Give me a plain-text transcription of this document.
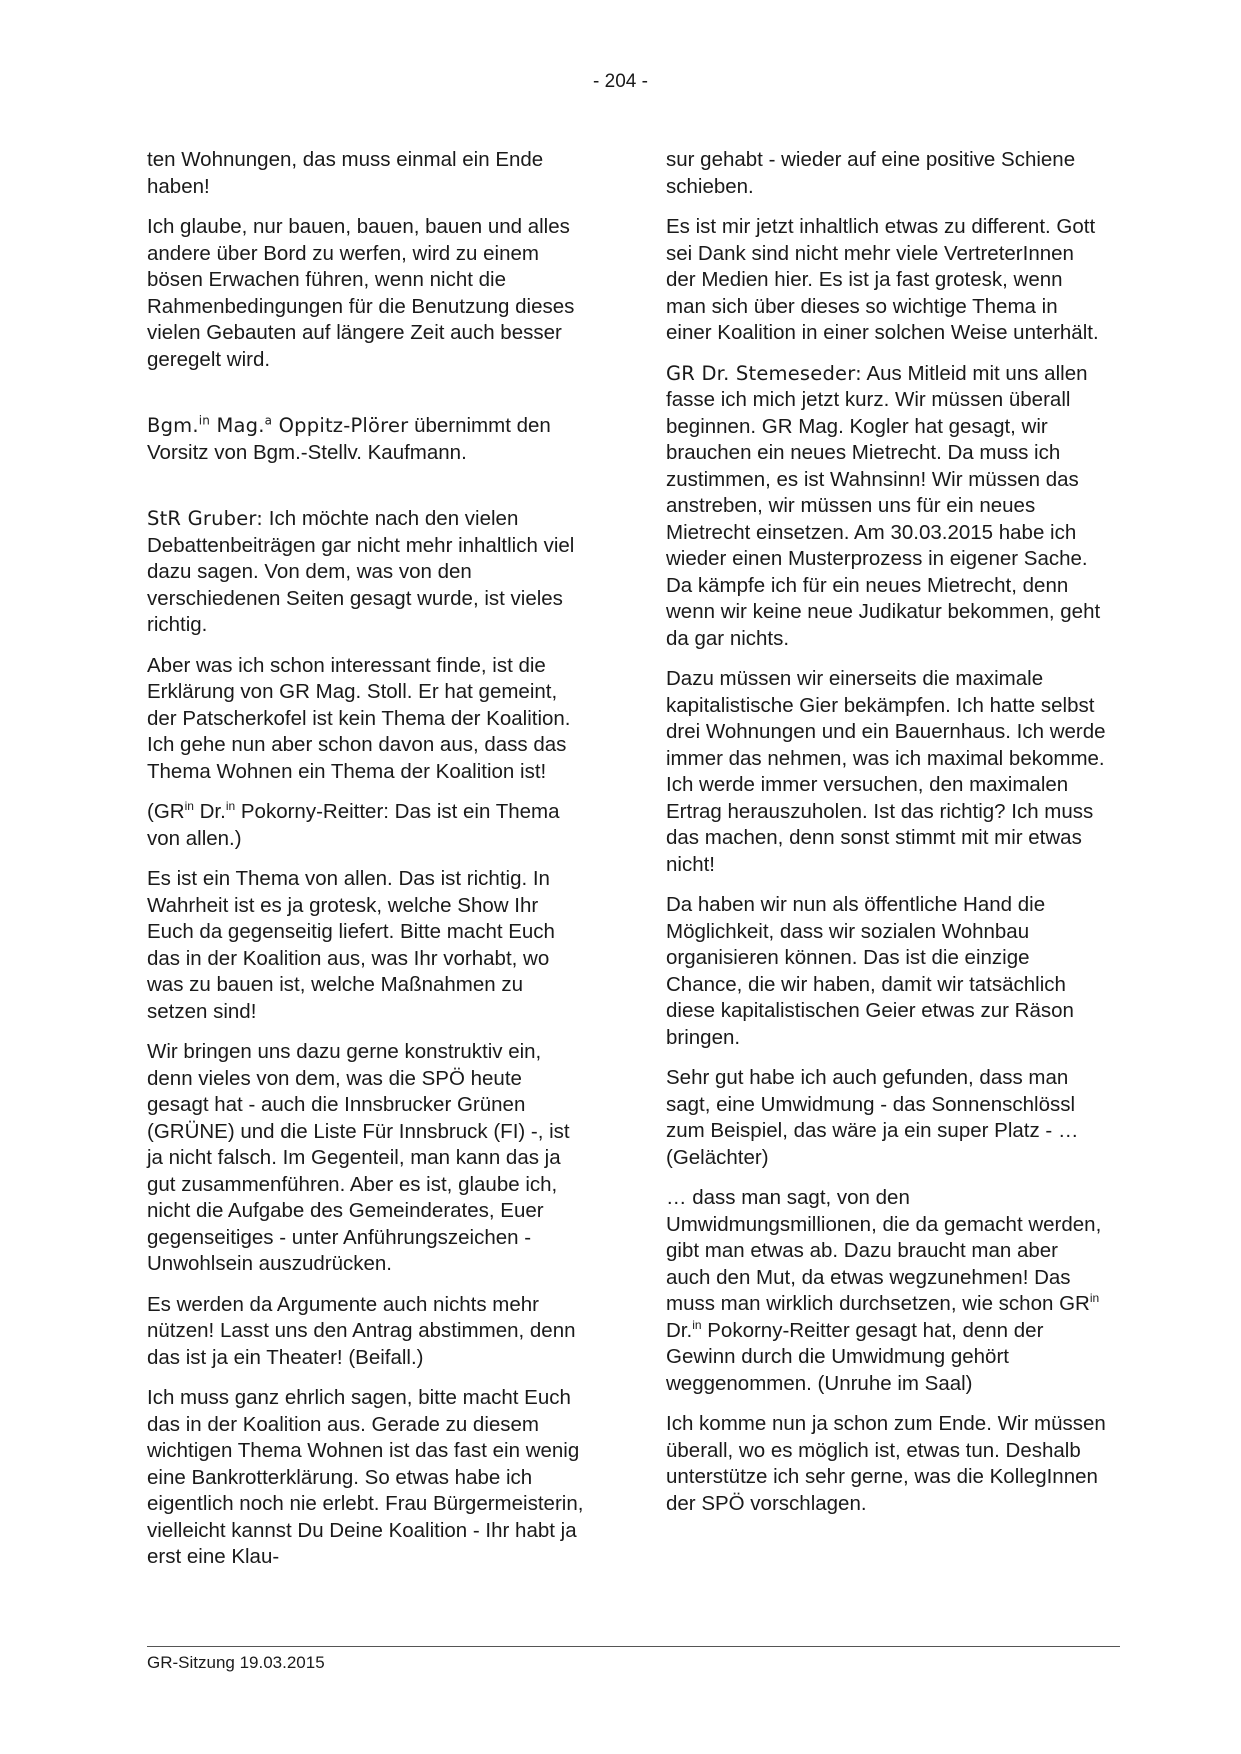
- 204 -

ten Wohnungen, das muss einmal ein Ende haben!

Ich glaube, nur bauen, bauen, bauen und alles andere über Bord zu werfen, wird zu einem bösen Erwachen führen, wenn nicht die Rahmenbedingungen für die Benutzung dieses vielen Gebauten auf längere Zeit auch besser geregelt wird.

Bgm.$^{in}$ Mag.$^a$ Oppitz-Plörer übernimmt den Vorsitz von Bgm.-Stellv. Kaufmann.

StR Gruber: Ich möchte nach den vielen Debattenbeiträgen gar nicht mehr inhaltlich viel dazu sagen. Von dem, was von den verschiedenen Seiten gesagt wurde, ist vieles richtig.

Aber was ich schon interessant finde, ist die Erklärung von GR Mag. Stoll. Er hat gemeint, der Patscherkofel ist kein Thema der Koalition. Ich gehe nun aber schon davon aus, dass das Thema Wohnen ein Thema der Koalition ist!

($GR^{in}$ Dr.$^{in}$ Pokorny-Reitter: Das ist ein Thema von allen.)

Es ist ein Thema von allen. Das ist richtig. In Wahrheit ist es ja grotesk, welche Show Ihr Euch da gegenseitig liefert. Bitte macht Euch das in der Koalition aus, was Ihr vorhabt, wo was zu bauen ist, welche Maßnahmen zu setzen sind!

Wir bringen uns dazu gerne konstruktiv ein, denn vieles von dem, was die SPÖ heute gesagt hat - auch die Innsbrucker Grünen (GRÜNE) und die Liste Für Innsbruck (FI) -, ist ja nicht falsch. Im Gegenteil, man kann das ja gut zusammenführen. Aber es ist, glaube ich, nicht die Aufgabe des Gemeinderates, Euer gegenseitiges - unter Anführungszeichen - Unwohlsein auszudrücken.

Es werden da Argumente auch nichts mehr nützen! Lasst uns den Antrag abstimmen, denn das ist ja ein Theater! (Beifall.)

Ich muss ganz ehrlich sagen, bitte macht Euch das in der Koalition aus. Gerade zu diesem wichtigen Thema Wohnen ist das fast ein wenig eine Bankrotterklärung. So etwas habe ich eigentlich noch nie erlebt. Frau Bürgermeisterin, vielleicht kannst Du Deine Koalition - Ihr habt ja erst eine Klau-

sur gehabt - wieder auf eine positive Schiene schieben.

Es ist mir jetzt inhaltlich etwas zu different. Gott sei Dank sind nicht mehr viele VertreterInnen der Medien hier. Es ist ja fast grotesk, wenn man sich über dieses so wichtige Thema in einer Koalition in einer solchen Weise unterhält.

GR Dr. Stemeseder: Aus Mitleid mit uns allen fasse ich mich jetzt kurz. Wir müssen überall beginnen. GR Mag. Kogler hat gesagt, wir brauchen ein neues Mietrecht. Da muss ich zustimmen, es ist Wahnsinn! Wir müssen das anstreben, wir müssen uns für ein neues Mietrecht einsetzen. Am 30.03.2015 habe ich wieder einen Musterprozess in eigener Sache. Da kämpfe ich für ein neues Mietrecht, denn wenn wir keine neue Judikatur bekommen, geht da gar nichts.

Dazu müssen wir einerseits die maximale kapitalistische Gier bekämpfen. Ich hatte selbst drei Wohnungen und ein Bauernhaus. Ich werde immer das nehmen, was ich maximal bekomme. Ich werde immer versuchen, den maximalen Ertrag herauszuholen. Ist das richtig? Ich muss das machen, denn sonst stimmt mit mir etwas nicht!

Da haben wir nun als öffentliche Hand die Möglichkeit, dass wir sozialen Wohnbau organisieren können. Das ist die einzige Chance, die wir haben, damit wir tatsächlich diese kapitalistischen Geier etwas zur Räson bringen.

Sehr gut habe ich auch gefunden, dass man sagt, eine Umwidmung - das Sonnenschlössl zum Beispiel, das wäre ja ein super Platz - … (Gelächter)

… dass man sagt, von den Umwidmungsmillionen, die da gemacht werden, gibt man etwas ab. Dazu braucht man aber auch den Mut, da etwas wegzunehmen! Das muss man wirklich durchsetzen, wie schon $GR^{in}$ Dr.$^{in}$ Pokorny-Reitter gesagt hat, denn der Gewinn durch die Umwidmung gehört weggenommen. (Unruhe im Saal)

Ich komme nun ja schon zum Ende. Wir müssen überall, wo es möglich ist, etwas tun. Deshalb unterstütze ich sehr gerne, was die KollegInnen der SPÖ vorschlagen.

GR-Sitzung 19.03.2015
